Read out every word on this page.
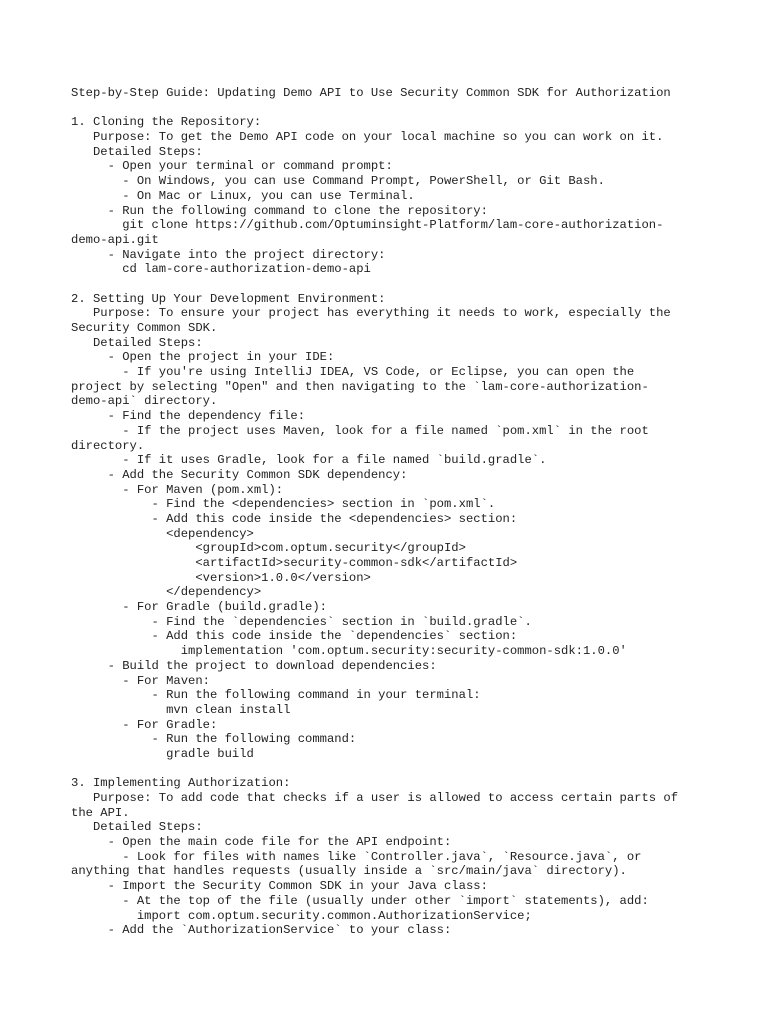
Step-by-Step Guide: Updating Demo API to Use Security Common SDK for Authorization
1. Cloning the Repository:
Purpose: To get the Demo API code on your local machine so you can work on it.
Detailed Steps:
- Open your terminal or command prompt:
- On Windows, you can use Command Prompt, PowerShell, or Git Bash.
- On Mac or Linux, you can use Terminal.
- Run the following command to clone the repository:
git clone https://github.com/Optuminsight-Platform/lam-core-authorization-
demo-api.git
- Navigate into the project directory:
cd lam-core-authorization-demo-api
2. Setting Up Your Development Environment:
Purpose: To ensure your project has everything it needs to work, especially the
Security Common SDK.
Detailed Steps:
- Open the project in your IDE:
- If you're using IntelliJ IDEA, VS Code, or Eclipse, you can open the
project by selecting "Open" and then navigating to the `lam-core-authorization-
demo-api` directory.
- Find the dependency file:
- If the project uses Maven, look for a file named `pom.xml` in the root
directory.
- If it uses Gradle, look for a file named `build.gradle`.
- Add the Security Common SDK dependency:
- For Maven (pom.xml):
- Find the <dependencies> section in `pom.xml`.
- Add this code inside the <dependencies> section:
<dependency>
<groupId>com.optum.security</groupId>
<artifactId>security-common-sdk</artifactId>
<version>1.0.0</version>
</dependency>
- For Gradle (build.gradle):
- Find the `dependencies` section in `build.gradle`.
- Add this code inside the `dependencies` section:
implementation 'com.optum.security:security-common-sdk:1.0.0'
- Build the project to download dependencies:
- For Maven:
- Run the following command in your terminal:
mvn clean install
- For Gradle:
- Run the following command:
gradle build
3. Implementing Authorization:
Purpose: To add code that checks if a user is allowed to access certain parts of
the API.
Detailed Steps:
- Open the main code file for the API endpoint:
- Look for files with names like `Controller.java`, `Resource.java`, or
anything that handles requests (usually inside a `src/main/java` directory).
- Import the Security Common SDK in your Java class:
- At the top of the file (usually under other `import` statements), add:
import com.optum.security.common.AuthorizationService;
- Add the `AuthorizationService` to your class:
